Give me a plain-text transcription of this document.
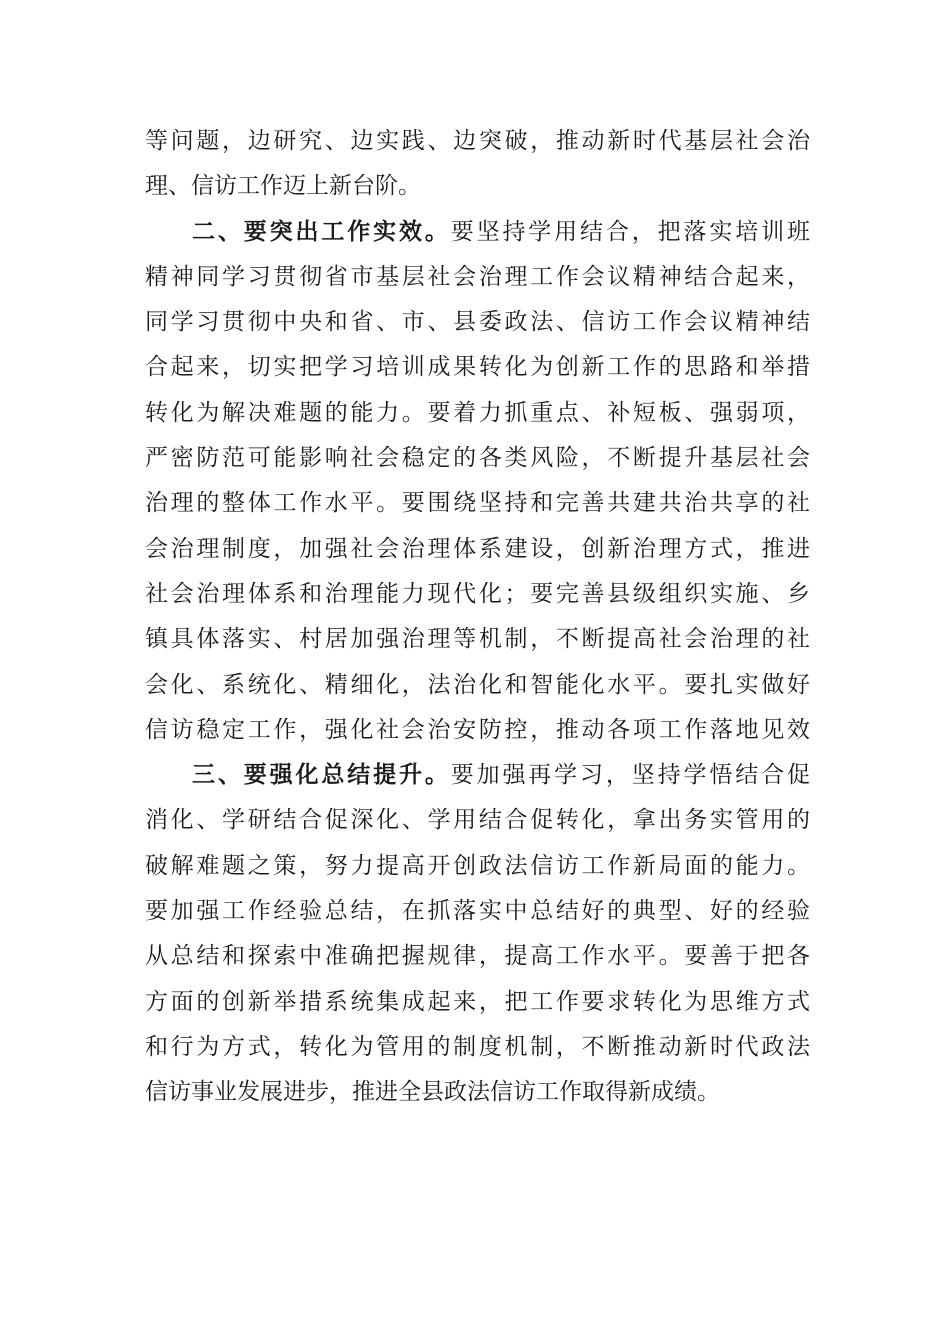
等问题，边研究、边实践、边突破，推动新时代基层社会治
理、信访工作迈上新台阶。
二、要突出工作实效。要坚持学用结合，把落实培训班
精神同学习贯彻省市基层社会治理工作会议精神结合起来，
同学习贯彻中央和省、市、县委政法、信访工作会议精神结
合起来，切实把学习培训成果转化为创新工作的思路和举措
转化为解决难题的能力。要着力抓重点、补短板、强弱项，
严密防范可能影响社会稳定的各类风险，不断提升基层社会
治理的整体工作水平。要围绕坚持和完善共建共治共享的社
会治理制度，加强社会治理体系建设，创新治理方式，推进
社会治理体系和治理能力现代化；要完善县级组织实施、乡
镇具体落实、村居加强治理等机制，不断提高社会治理的社
会化、系统化、精细化，法治化和智能化水平。要扎实做好
信访稳定工作，强化社会治安防控，推动各项工作落地见效
三、要强化总结提升。要加强再学习，坚持学悟结合促
消化、学研结合促深化、学用结合促转化，拿出务实管用的
破解难题之策，努力提高开创政法信访工作新局面的能力。
要加强工作经验总结，在抓落实中总结好的典型、好的经验
从总结和探索中准确把握规律，提高工作水平。要善于把各
方面的创新举措系统集成起来，把工作要求转化为思维方式
和行为方式，转化为管用的制度机制，不断推动新时代政法
信访事业发展进步，推进全县政法信访工作取得新成绩。
